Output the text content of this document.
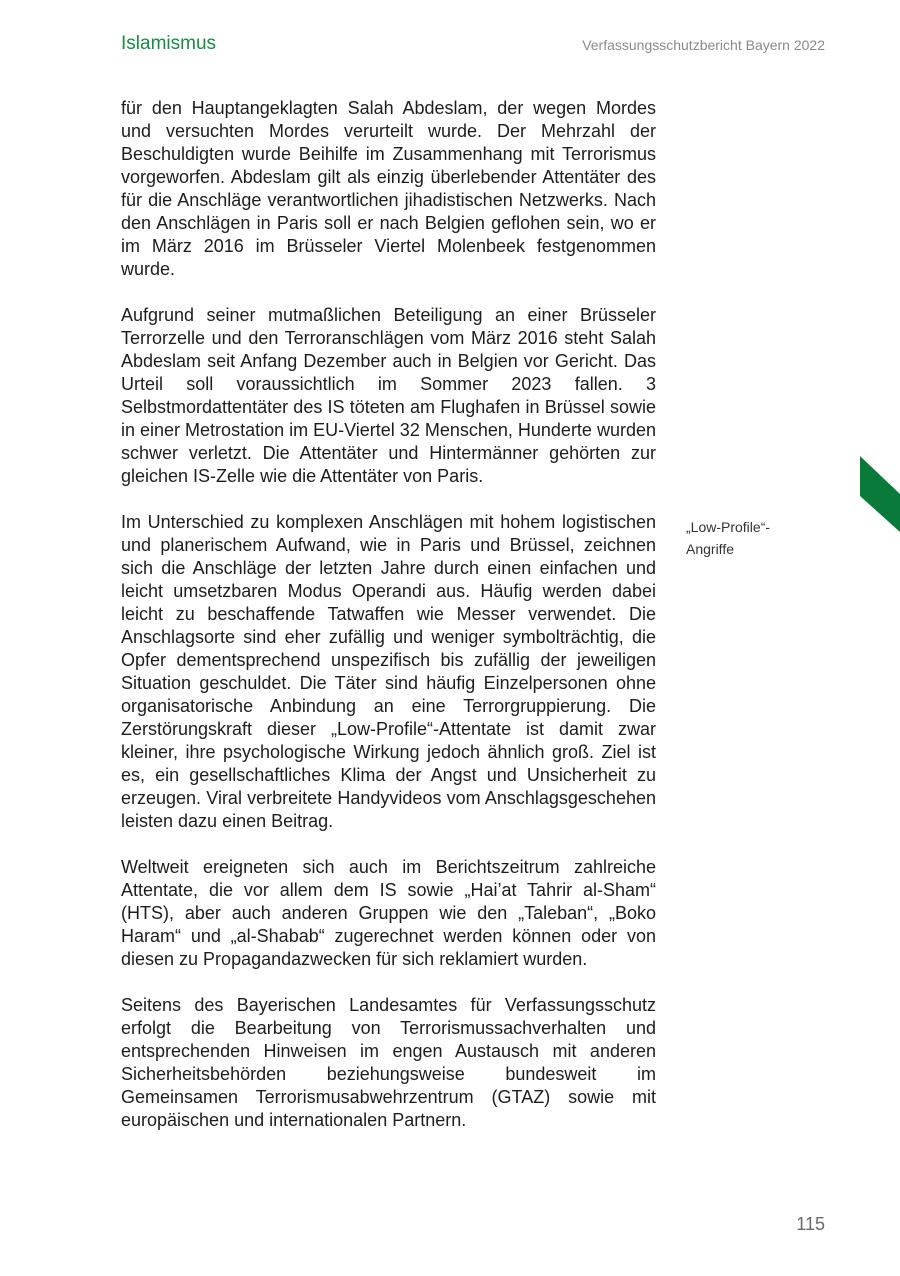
Islamismus	Verfassungsschutzbericht Bayern 2022

für den Hauptangeklagten Salah Abdeslam, der wegen Mordes und versuchten Mordes verurteilt wurde. Der Mehrzahl der Beschuldigten wurde Beihilfe im Zusammenhang mit Terrorismus vorgeworfen. Abdeslam gilt als einzig überlebender Attentäter des für die Anschläge verantwortlichen jihadistischen Netzwerks. Nach den Anschlägen in Paris soll er nach Belgien geflohen sein, wo er im März 2016 im Brüsseler Viertel Molenbeek festgenommen wurde.

Aufgrund seiner mutmaßlichen Beteiligung an einer Brüsseler Terrorzelle und den Terroranschlägen vom März 2016 steht Salah Abdeslam seit Anfang Dezember auch in Belgien vor Gericht. Das Urteil soll voraussichtlich im Sommer 2023 fallen. 3 Selbstmordattentäter des IS töteten am Flughafen in Brüssel sowie in einer Metrostation im EU-Viertel 32 Menschen, Hunderte wurden schwer verletzt. Die Attentäter und Hintermänner gehörten zur gleichen IS-Zelle wie die Attentäter von Paris.

Im Unterschied zu komplexen Anschlägen mit hohem logistischen und planerischem Aufwand, wie in Paris und Brüssel, zeichnen sich die Anschläge der letzten Jahre durch einen einfachen und leicht umsetzbaren Modus Operandi aus. Häufig werden dabei leicht zu beschaffende Tatwaffen wie Messer verwendet. Die Anschlagsorte sind eher zufällig und weniger symbolträchtig, die Opfer dementsprechend unspezifisch bis zufällig der jeweiligen Situation geschuldet. Die Täter sind häufig Einzelpersonen ohne organisatorische Anbindung an eine Terrorgruppierung. Die Zerstörungskraft dieser „Low-Profile“-Attentate ist damit zwar kleiner, ihre psychologische Wirkung jedoch ähnlich groß. Ziel ist es, ein gesellschaftliches Klima der Angst und Unsicherheit zu erzeugen. Viral verbreitete Handyvideos vom Anschlagsgeschehen leisten dazu einen Beitrag.

Weltweit ereigneten sich auch im Berichtszeitrum zahlreiche Attentate, die vor allem dem IS sowie „Hai’at Tahrir al-Sham“ (HTS), aber auch anderen Gruppen wie den „Taleban“, „Boko Haram“ und „al-Shabab“ zugerechnet werden können oder von diesen zu Propagandazwecken für sich reklamiert wurden.

Seitens des Bayerischen Landesamtes für Verfassungsschutz erfolgt die Bearbeitung von Terrorismussachverhalten und entsprechenden Hinweisen im engen Austausch mit anderen Sicherheitsbehörden beziehungsweise bundesweit im Gemeinsamen Terrorismusabwehrzentrum (GTAZ) sowie mit europäischen und internationalen Partnern.

„Low-Profile“-Angriffe
115
